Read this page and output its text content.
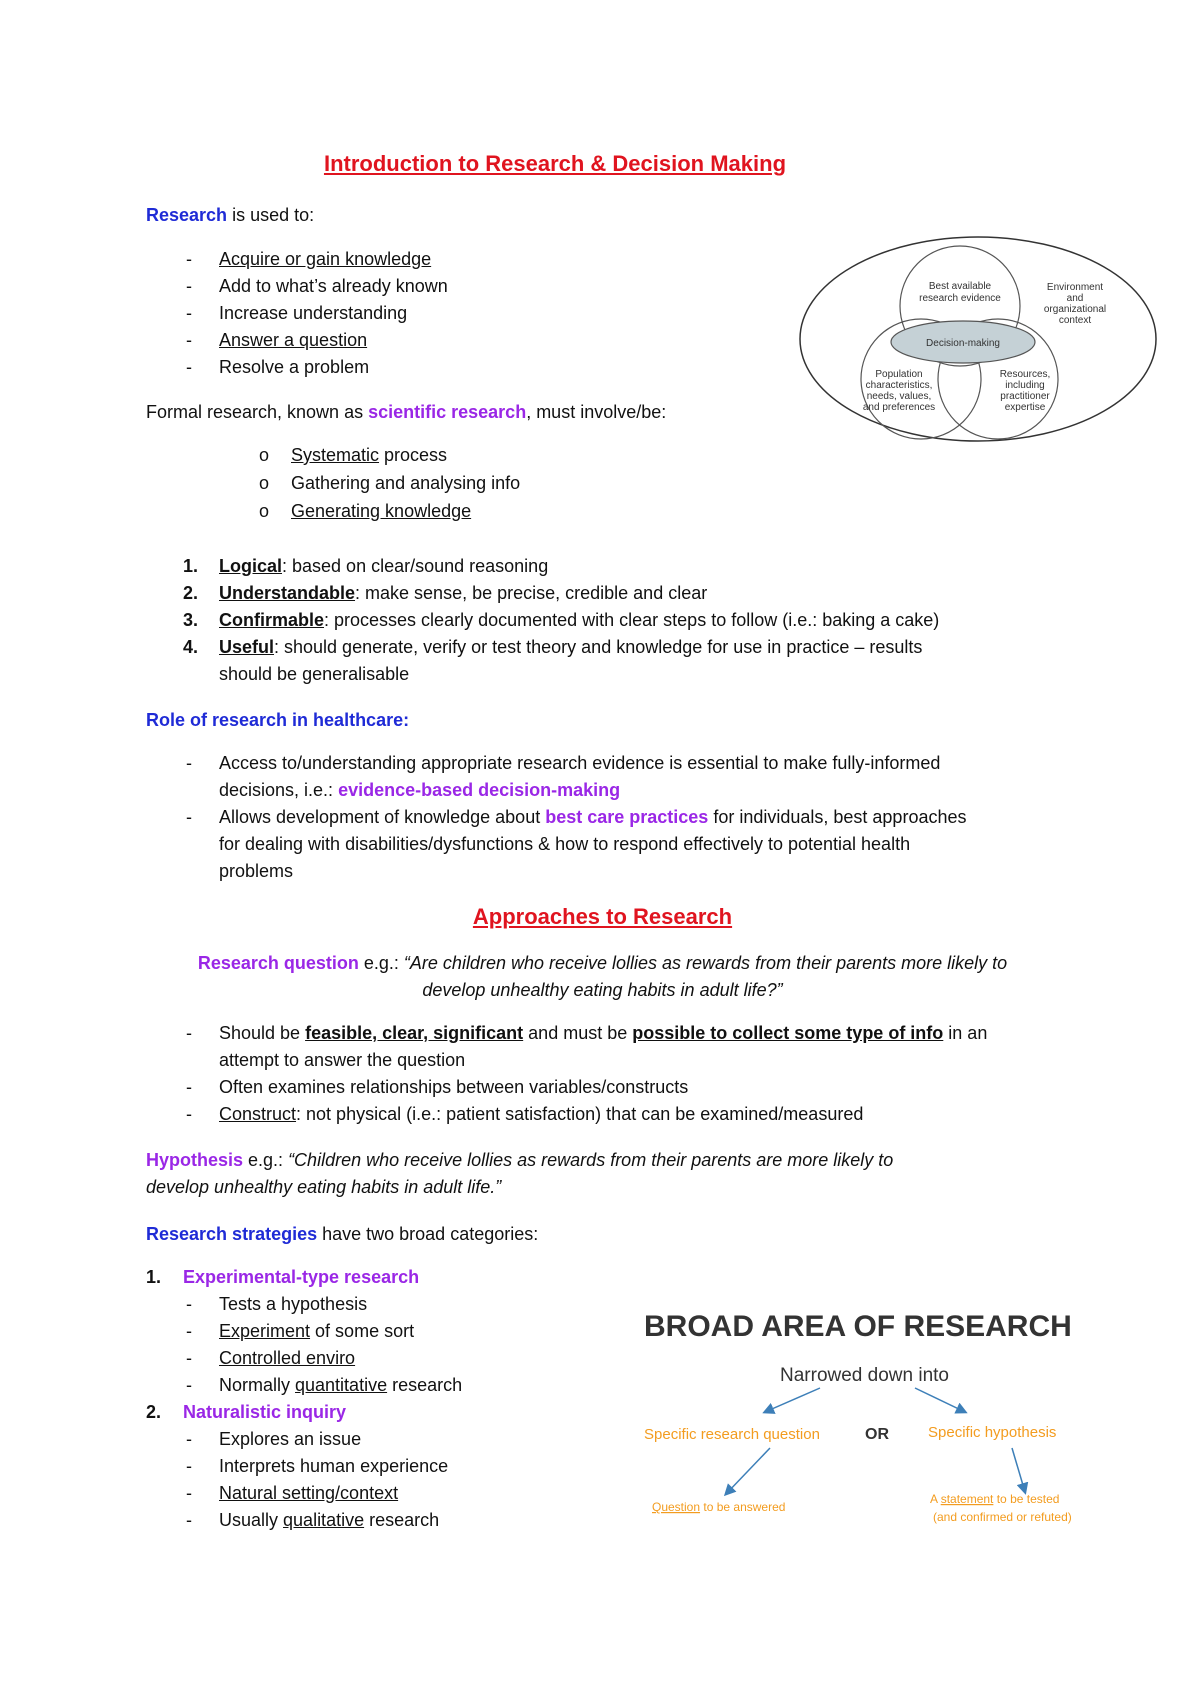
Introduction to Research & Decision Making
Research is used to:
- Acquire or gain knowledge
- Add to what’s already known
- Increase understanding
- Answer a question
- Resolve a problem
Best available research evidence
Environment and organizational context
Decision-making
Population characteristics, needs, values, and preferences
Resources, including practitioner expertise
Formal research, known as scientific research, must involve/be:
o Systematic process
o Gathering and analysing info
o Generating knowledge
1. Logical: based on clear/sound reasoning
2. Understandable: make sense, be precise, credible and clear
3. Confirmable: processes clearly documented with clear steps to follow (i.e.: baking a cake)
4. Useful: should generate, verify or test theory and knowledge for use in practice – results
should be generalisable
Role of research in healthcare:
- Access to/understanding appropriate research evidence is essential to make fully-informed
decisions, i.e.: evidence-based decision-making
- Allows development of knowledge about best care practices for individuals, best approaches
for dealing with disabilities/dysfunctions & how to respond effectively to potential health
problems
Approaches to Research
Research question e.g.: “Are children who receive lollies as rewards from their parents more likely to
develop unhealthy eating habits in adult life?”
- Should be feasible, clear, significant and must be possible to collect some type of info in an
attempt to answer the question
- Often examines relationships between variables/constructs
- Construct: not physical (i.e.: patient satisfaction) that can be examined/measured
Hypothesis e.g.: “Children who receive lollies as rewards from their parents are more likely to
develop unhealthy eating habits in adult life.”
Research strategies have two broad categories:
1. Experimental-type research
- Tests a hypothesis
- Experiment of some sort
- Controlled enviro
- Normally quantitative research
2. Naturalistic inquiry
- Explores an issue
- Interprets human experience
- Natural setting/context
- Usually qualitative research
BROAD AREA OF RESEARCH
Narrowed down into
Specific research question	OR	Specific hypothesis
Question to be answered
A statement to be tested
(and confirmed or refuted)
